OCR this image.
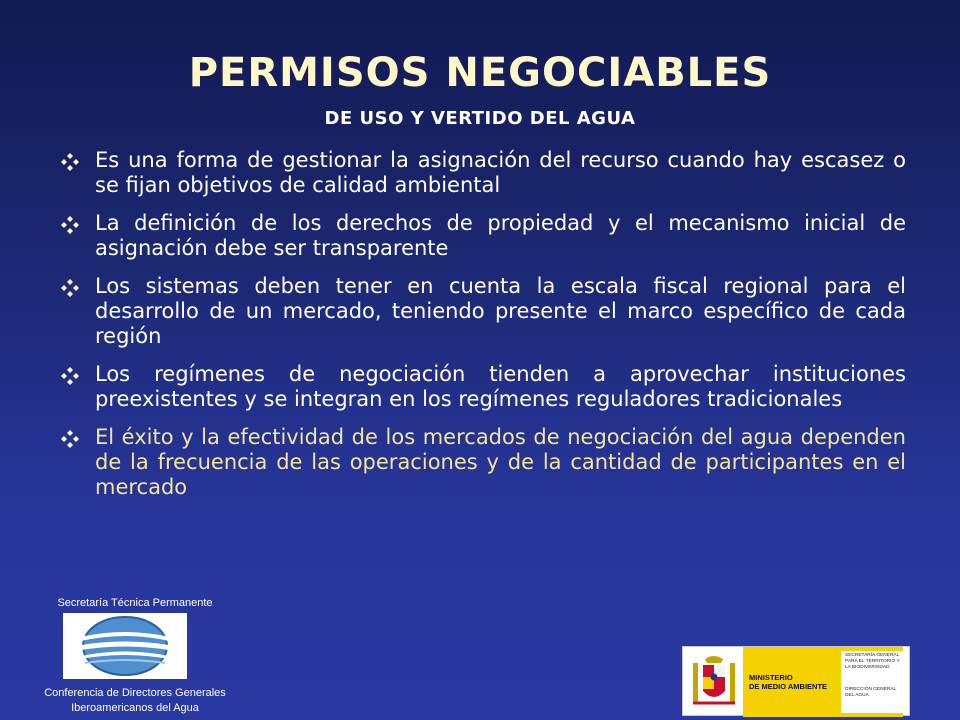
PERMISOS NEGOCIABLES
DE USO Y VERTIDO DEL AGUA
Es una forma de gestionar la asignación del recurso cuando hay escasez o se fijan objetivos de calidad ambiental
La definición de los derechos de propiedad y el mecanismo inicial de asignación debe ser transparente
Los sistemas deben tener en cuenta la escala fiscal regional para el desarrollo de un mercado, teniendo presente el marco específico de cada región
Los regímenes de negociación tienden a aprovechar instituciones preexistentes y se integran en los regímenes reguladores tradicionales
El éxito y la efectividad de los mercados de negociación del agua dependen de la frecuencia de las operaciones y de la cantidad de participantes en el mercado
Secretaría Técnica Permanente
Conferencia de Directores Generales
Iberoamericanos del Agua
MINISTERIO
DE MEDIO AMBIENTE
SECRETARÍA GENERAL
PARA EL TERRITORIO Y
LA BIODIVERSIDAD
DIRECCIÓN GENERAL
DEL AGUA
